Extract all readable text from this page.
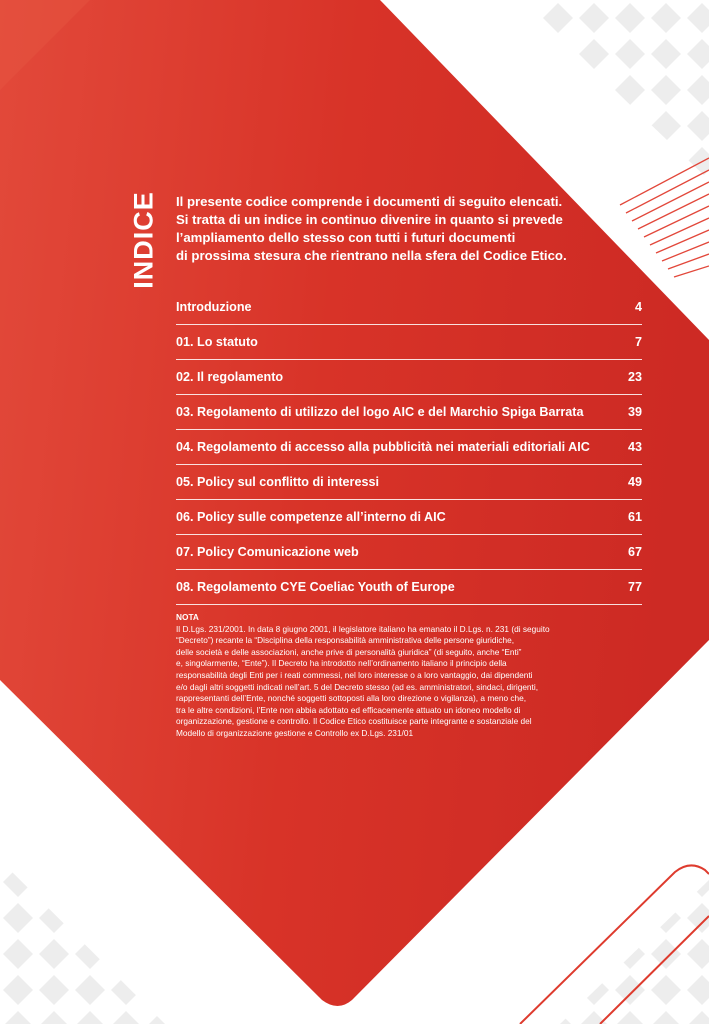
INDICE Il presente codice comprende i documenti di seguito elencati.
Si tratta di un indice in continuo divenire in quanto si prevede
l’ampliamento dello stesso con tutti i futuri documenti
di prossima stesura che rientrano nella sfera del Codice Etico.
Introduzione	4
01. Lo statuto	7
02. Il regolamento	23
03. Regolamento di utilizzo del logo AIC e del Marchio Spiga Barrata	39
04. Regolamento di accesso alla pubblicità nei materiali editoriali AIC	43
05. Policy sul conflitto di interessi	49
06. Policy sulle competenze all’interno di AIC	61
07. Policy Comunicazione web	67
08. Regolamento CYE Coeliac Youth of Europe	77
NOTA
Il D.Lgs. 231/2001. In data 8 giugno 2001, il legislatore italiano ha emanato il D.Lgs. n. 231 (di seguito
“Decreto”) recante la “Disciplina della responsabilità amministrativa delle persone giuridiche,
delle società e delle associazioni, anche prive di personalità giuridica” (di seguito, anche “Enti”
e, singolarmente, “Ente”). Il Decreto ha introdotto nell’ordinamento italiano il principio della
responsabilità degli Enti per i reati commessi, nel loro interesse o a loro vantaggio, dai dipendenti
e/o dagli altri soggetti indicati nell’art. 5 del Decreto stesso (ad es. amministratori, sindaci, dirigenti,
rappresentanti dell’Ente, nonché soggetti sottoposti alla loro direzione o vigilanza), a meno che,
tra le altre condizioni, l’Ente non abbia adottato ed efficacemente attuato un idoneo modello di
organizzazione, gestione e controllo. Il Codice Etico costituisce parte integrante e sostanziale del
Modello di organizzazione gestione e Controllo ex D.Lgs. 231/01
